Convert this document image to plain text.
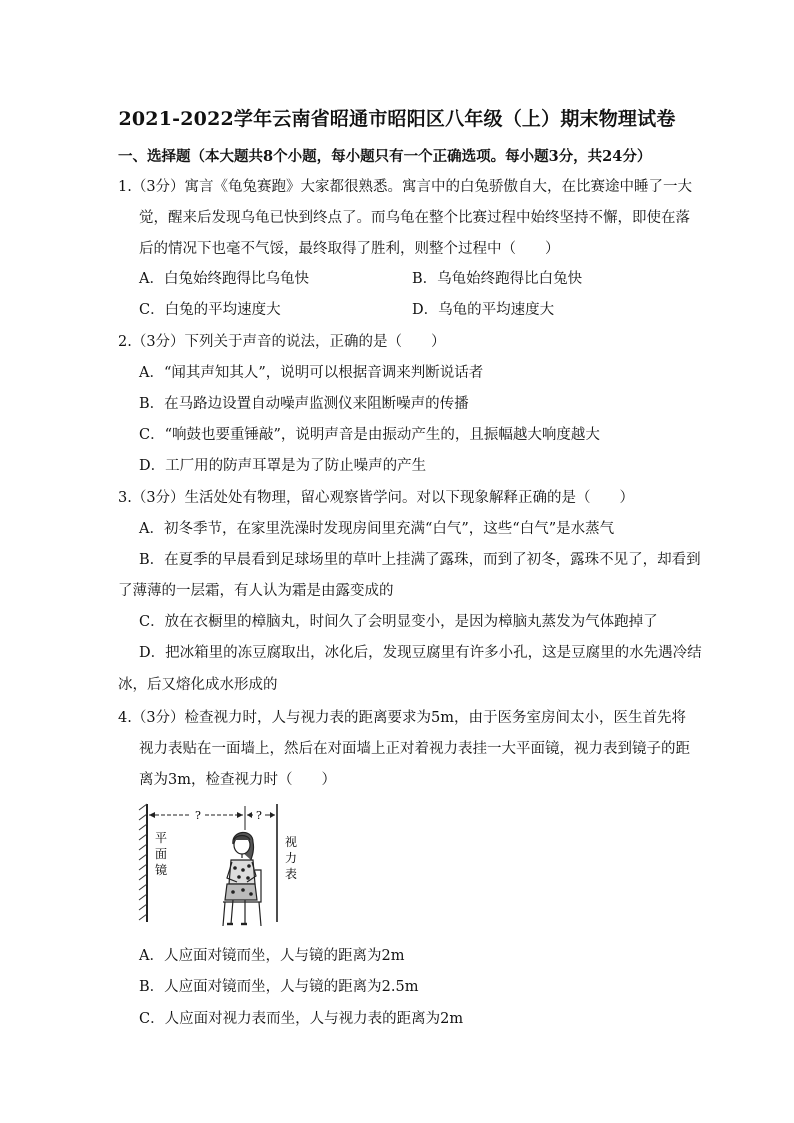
2021-2022学年云南省昭通市昭阳区八年级（上）期末物理试卷
一、选择题（本大题共8个小题，每小题只有一个正确选项。每小题3分，共24分）
1.（3分）寓言《龟兔赛跑》大家都很熟悉。寓言中的白兔骄傲自大，在比赛途中睡了一大
觉，醒来后发现乌龟已快到终点了。而乌龟在整个比赛过程中始终坚持不懈，即使在落
后的情况下也毫不气馁，最终取得了胜利，则整个过程中（　　）
A．白兔始终跑得比乌龟快	B．乌龟始终跑得比白兔快
C．白兔的平均速度大	D．乌龟的平均速度大
2.（3分）下列关于声音的说法，正确的是（　　）
A．“闻其声知其人”，说明可以根据音调来判断说话者
B．在马路边设置自动噪声监测仪来阻断噪声的传播
C．“响鼓也要重锤敲”，说明声音是由振动产生的，且振幅越大响度越大
D．工厂用的防声耳罩是为了防止噪声的产生
3.（3分）生活处处有物理，留心观察皆学问。对以下现象解释正确的是（　　）
A．初冬季节，在家里洗澡时发现房间里充满“白气”，这些“白气”是水蒸气
B．在夏季的早晨看到足球场里的草叶上挂满了露珠，而到了初冬，露珠不见了，却看到
了薄薄的一层霜，有人认为霜是由露变成的
C．放在衣橱里的樟脑丸，时间久了会明显变小，是因为樟脑丸蒸发为气体跑掉了
D．把冰箱里的冻豆腐取出，冰化后，发现豆腐里有许多小孔，这是豆腐里的水先遇冷结
冰，后又熔化成水形成的
4.（3分）检查视力时，人与视力表的距离要求为5m，由于医务室房间太小，医生首先将
视力表贴在一面墙上，然后在对面墙上正对着视力表挂一大平面镜，视力表到镜子的距
离为3m，检查视力时（　　）
?	?
平
面
镜
视
力
表
A．人应面对镜而坐，人与镜的距离为2m
B．人应面对镜而坐，人与镜的距离为2.5m
C．人应面对视力表而坐，人与视力表的距离为2m
